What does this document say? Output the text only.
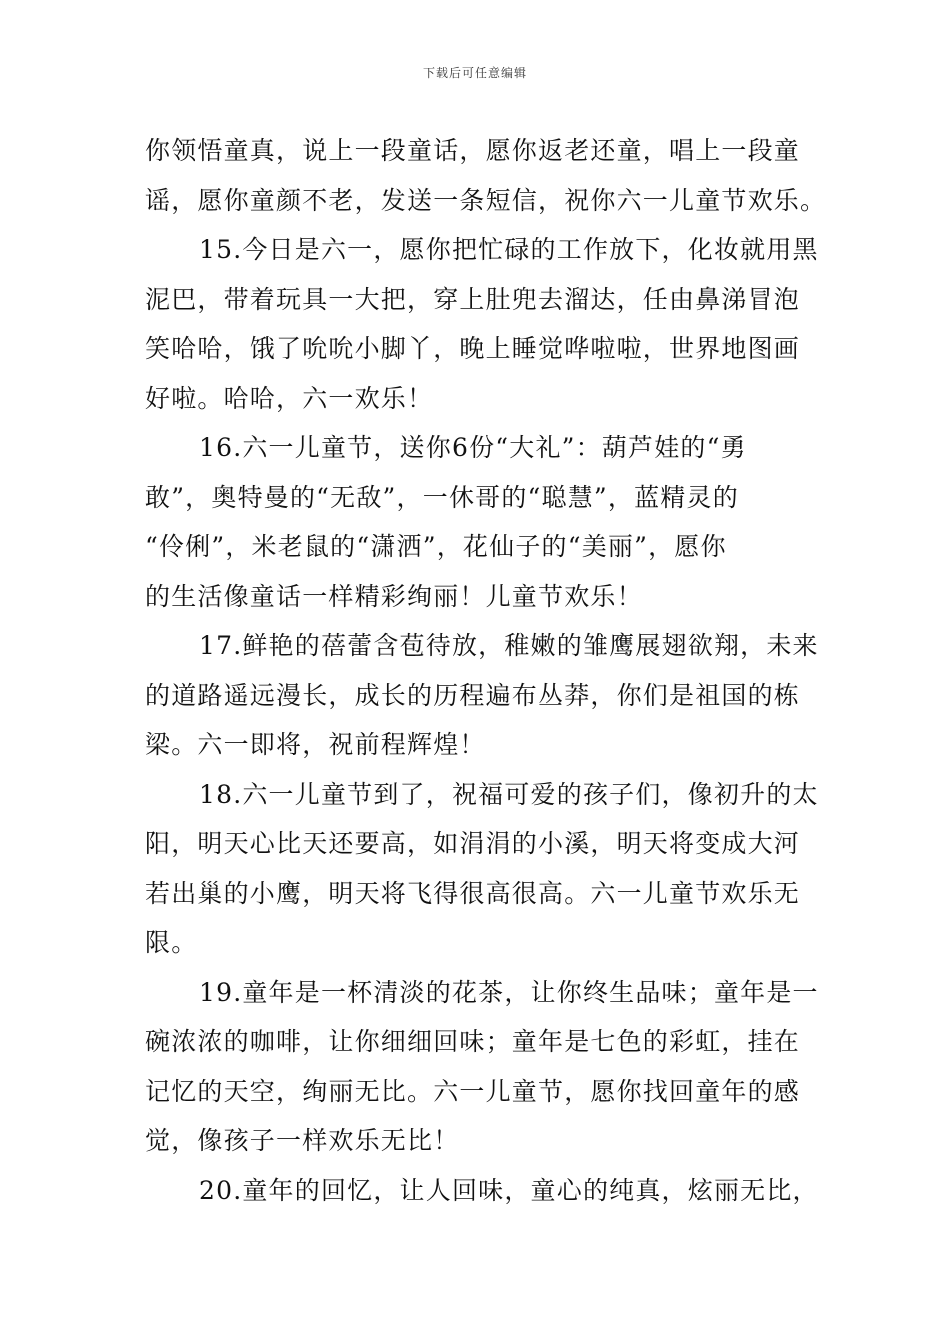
下载后可任意编辑
你领悟童真，说上一段童话，愿你返老还童，唱上一段童
谣，愿你童颜不老，发送一条短信，祝你六一儿童节欢乐。
15.今日是六一，愿你把忙碌的工作放下，化妆就用黑
泥巴，带着玩具一大把，穿上肚兜去溜达，任由鼻涕冒泡
笑哈哈，饿了吮吮小脚丫，晚上睡觉哗啦啦，世界地图画
好啦。哈哈，六一欢乐！
16.六一儿童节，送你6份“大礼”：葫芦娃的“勇
敢”，奥特曼的“无敌”，一休哥的“聪慧”，蓝精灵的
“伶俐”，米老鼠的“潇洒”，花仙子的“美丽”，愿你
的生活像童话一样精彩绚丽！儿童节欢乐！
17.鲜艳的蓓蕾含苞待放，稚嫩的雏鹰展翅欲翔，未来
的道路遥远漫长，成长的历程遍布丛莽，你们是祖国的栋
梁。六一即将，祝前程辉煌！
18.六一儿童节到了，祝福可爱的孩子们，像初升的太
阳，明天心比天还要高，如涓涓的小溪，明天将变成大河
若出巢的小鹰，明天将飞得很高很高。六一儿童节欢乐无
限。
19.童年是一杯清淡的花茶，让你终生品味；童年是一
碗浓浓的咖啡，让你细细回味；童年是七色的彩虹，挂在
记忆的天空，绚丽无比。六一儿童节，愿你找回童年的感
觉，像孩子一样欢乐无比！
20.童年的回忆，让人回味，童心的纯真，炫丽无比，
